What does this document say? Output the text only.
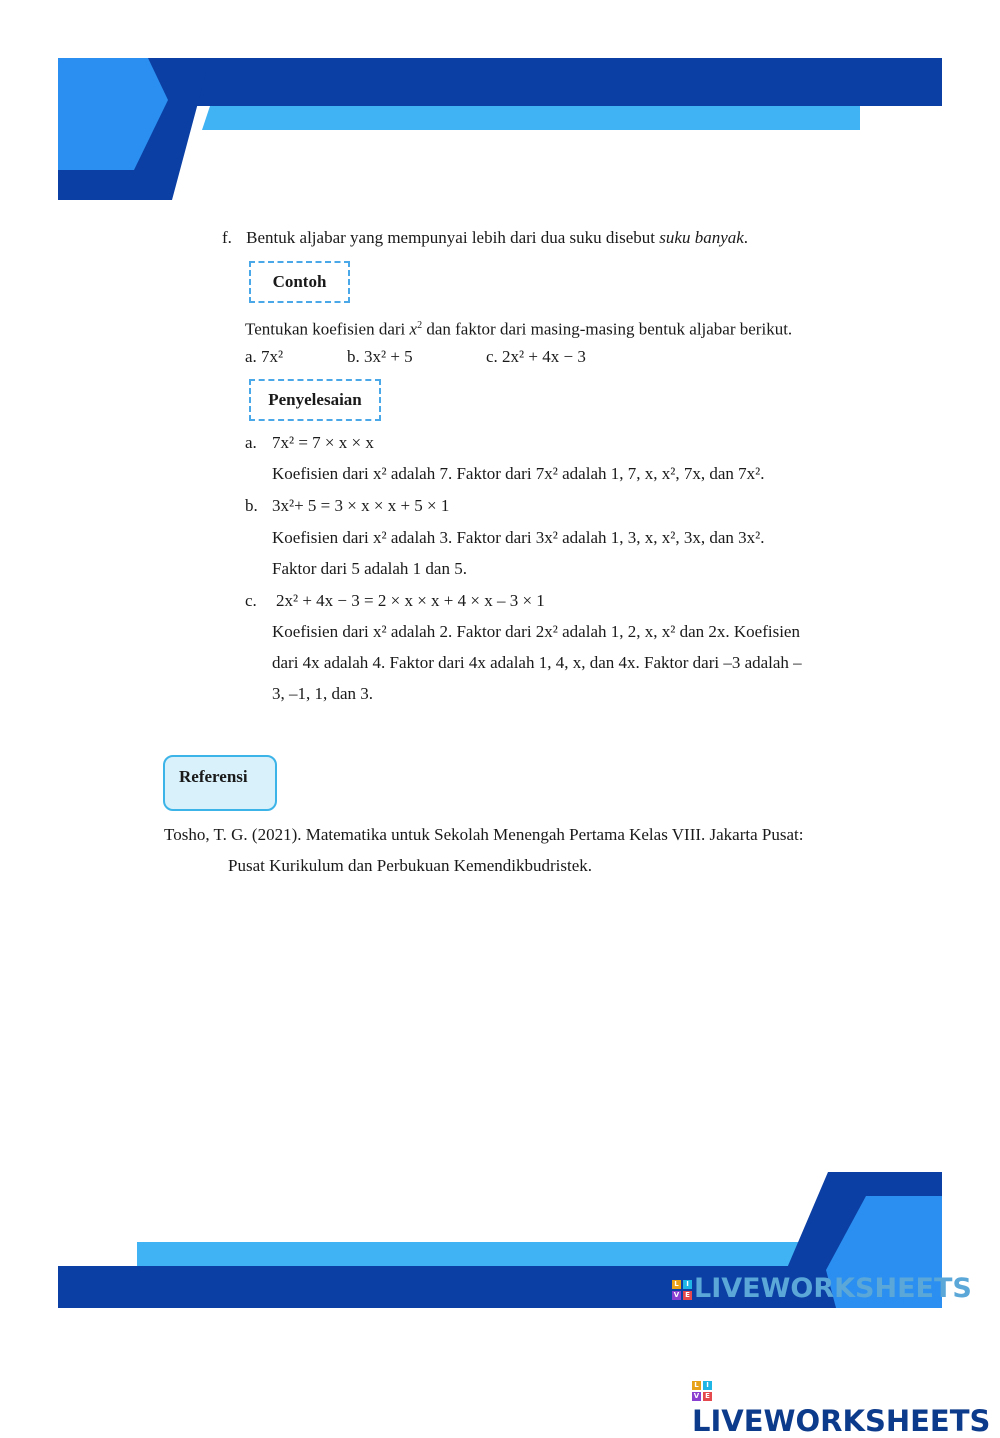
f. Bentuk aljabar yang mempunyai lebih dari dua suku disebut suku banyak.
Contoh
Tentukan koefisien dari $x^2$ dan faktor dari masing-masing bentuk aljabar berikut.
a. 7x²	b. 3x² + 5	c. 2x² + 4x − 3
Penyelesaian
a. 7x² = 7 × x × x
Koefisien dari x² adalah 7. Faktor dari 7x² adalah 1, 7, x, x², 7x, dan 7x².
b. 3x²+ 5 = 3 × x × x + 5 × 1
Koefisien dari x² adalah 3. Faktor dari 3x² adalah 1, 3, x, x², 3x, dan 3x².
Faktor dari 5 adalah 1 dan 5.
c. 2x² + 4x − 3 = 2 × x × x + 4 × x – 3 × 1
Koefisien dari x² adalah 2. Faktor dari 2x² adalah 1, 2, x, x² dan 2x. Koefisien
dari 4x adalah 4. Faktor dari 4x adalah 1, 4, x, dan 4x. Faktor dari –3 adalah –
3, –1, 1, dan 3.
Referensi
Tosho, T. G. (2021). Matematika untuk Sekolah Menengah Pertama Kelas VIII. Jakarta Pusat:
Pusat Kurikulum dan Perbukuan Kemendikbudristek.
L	I
V E LIVEWORKSHEETS
L	I
V E
LIVEWORKSHEETS
